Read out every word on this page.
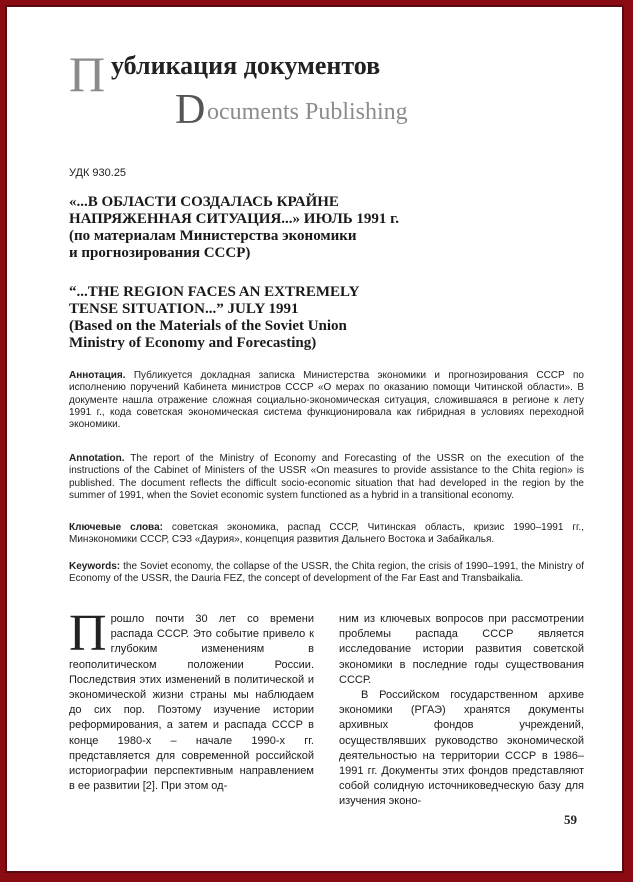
П убликация документов
D ocuments Publishing
УДК 930.25
«...В ОБЛАСТИ СОЗДАЛАСЬ КРАЙНЕ
НАПРЯЖЕННАЯ СИТУАЦИЯ...» ИЮЛЬ 1991 г.
(по материалам Министерства экономики
и прогнозирования СССР)
“...THE REGION FACES AN EXTREMELY
TENSE SITUATION...” JULY 1991
(Based on the Materials of the Soviet Union
Ministry of Economy and Forecasting)
Аннотация. Публикуется докладная записка Министерства экономики и прогнозирования СССР по исполнению поручений Кабинета министров СССР «О мерах по оказанию помощи Читинской области». В документе нашла отражение сложная социально-экономическая ситуация, сложившаяся в регионе к лету 1991 г., кода советская экономическая система функционировала как гибридная в условиях переходной экономики.
Annotation. The report of the Ministry of Economy and Forecasting of the USSR on the execution of the instructions of the Cabinet of Ministers of the USSR «On measures to provide assistance to the Chita region» is published. The document reflects the difficult socio-economic situation that had developed in the region by the summer of 1991, when the Soviet economic system functioned as a hybrid in a transitional economy.
Ключевые слова: советская экономика, распад СССР, Читинская область, кризис 1990–1991 гг., Минэкономики СССР, СЭЗ «Даурия», концепция развития Дальнего Востока и Забайкалья.
Keywords: the Soviet economy, the collapse of the USSR, the Chita region, the crisis of 1990–1991, the Ministry of Economy of the USSR, the Dauria FEZ, the concept of development of the Far East and Transbaikalia.
Прошло почти 30 лет со времени распада СССР. Это событие привело к глубоким изменениям в геополитическом положении России. Последствия этих изменений в политической и экономической жизни страны мы наблюдаем до сих пор. Поэтому изучение истории реформирования, а затем и распада СССР в конце 1980-х – начале 1990-х гг. представляется для современной российской историографии перспективным направлением в ее развитии [2]. При этом од-
ним из ключевых вопросов при рассмотрении проблемы распада СССР является исследование истории развития советской экономики в последние годы существования СССР.
В Российском государственном архиве экономики (РГАЭ) хранятся документы архивных фондов учреждений, осуществлявших руководство экономической деятельностью на территории СССР в 1986–1991 гг. Документы этих фондов представляют собой солидную источниковедческую базу для изучения эконо-
59
